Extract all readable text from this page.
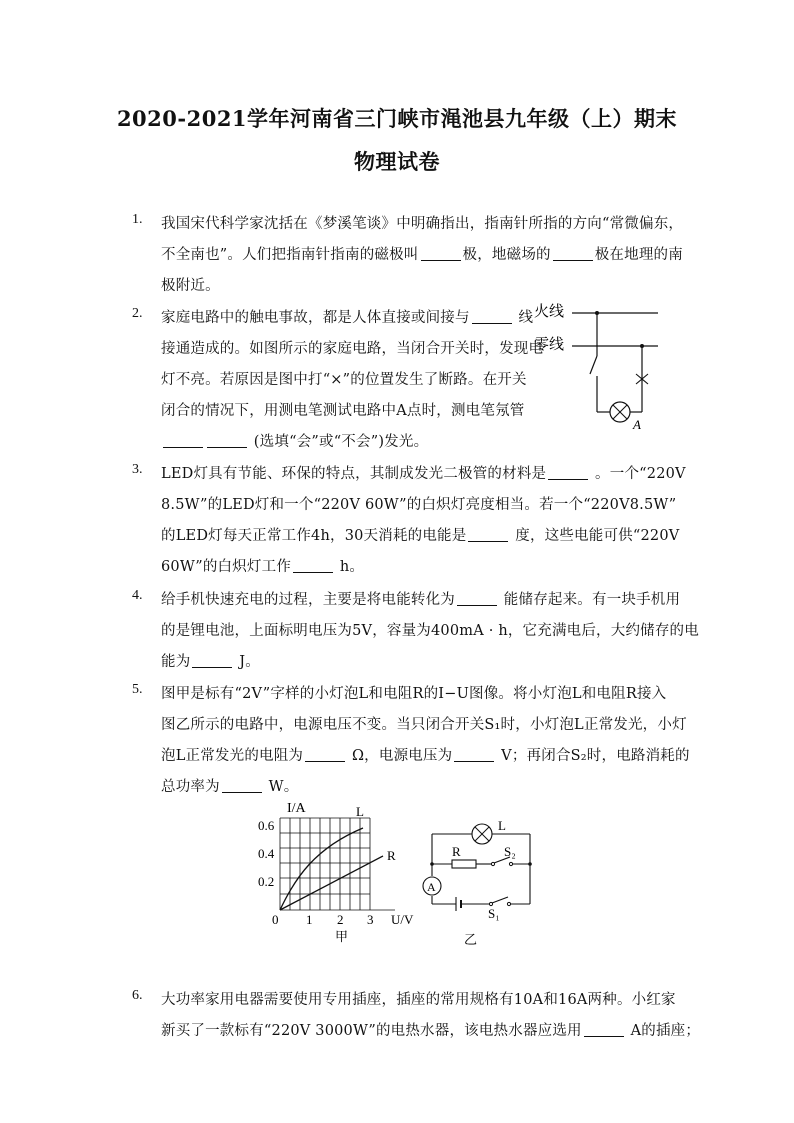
2020-2021学年河南省三门峡市渑池县九年级（上）期末
物理试卷
1. 我国宋代科学家沈括在《梦溪笔谈》中明确指出，指南针所指的方向“常微偏东，
不全南也”。人们把指南针指南的磁极叫	极，地磁场的	极在地理的南
极附近。
2. 家庭电路中的触电事故，都是人体直接或间接与	线
接通造成的。如图所示的家庭电路，当闭合开关时，发现电
灯不亮。若原因是图中打“×”的位置发生了断路。在开关
闭合的情况下，用测电笔测试电路中A点时，测电笔氖管
(选填“会”或“不会”)发光。
3. LED灯具有节能、环保的特点，其制成发光二极管的材料是	。一个“220V
8.5W”的LED灯和一个“220V 60W”的白炽灯亮度相当。若一个“220V8.5W”
的LED灯每天正常工作4h，30天消耗的电能是	度，这些电能可供“220V
60W”的白炽灯工作	h。
4. 给手机快速充电的过程，主要是将电能转化为	能储存起来。有一块手机用
的是锂电池，上面标明电压为5V，容量为400mA · h，它充满电后，大约储存的电
能为	J。
5. 图甲是标有“2V”字样的小灯泡L和电阻R的I−U图像。将小灯泡L和电阻R接入
图乙所示的电路中，电源电压不变。当只闭合开关S₁时，小灯泡L正常发光，小灯
泡L正常发光的电阻为	Ω，电源电压为	V；再闭合S₂时，电路消耗的
总功率为	W。
6. 大功率家用电器需要使用专用插座，插座的常用规格有10A和16A两种。小红家
新买了一款标有“220V 3000W”的电热水器，该电热水器应选用	A的插座；
火线
零线
A
I/A	L
R
0.6
0.4
0.2
0 1 2 3 U/V
甲
L
A
R	S₂
S₁
乙
